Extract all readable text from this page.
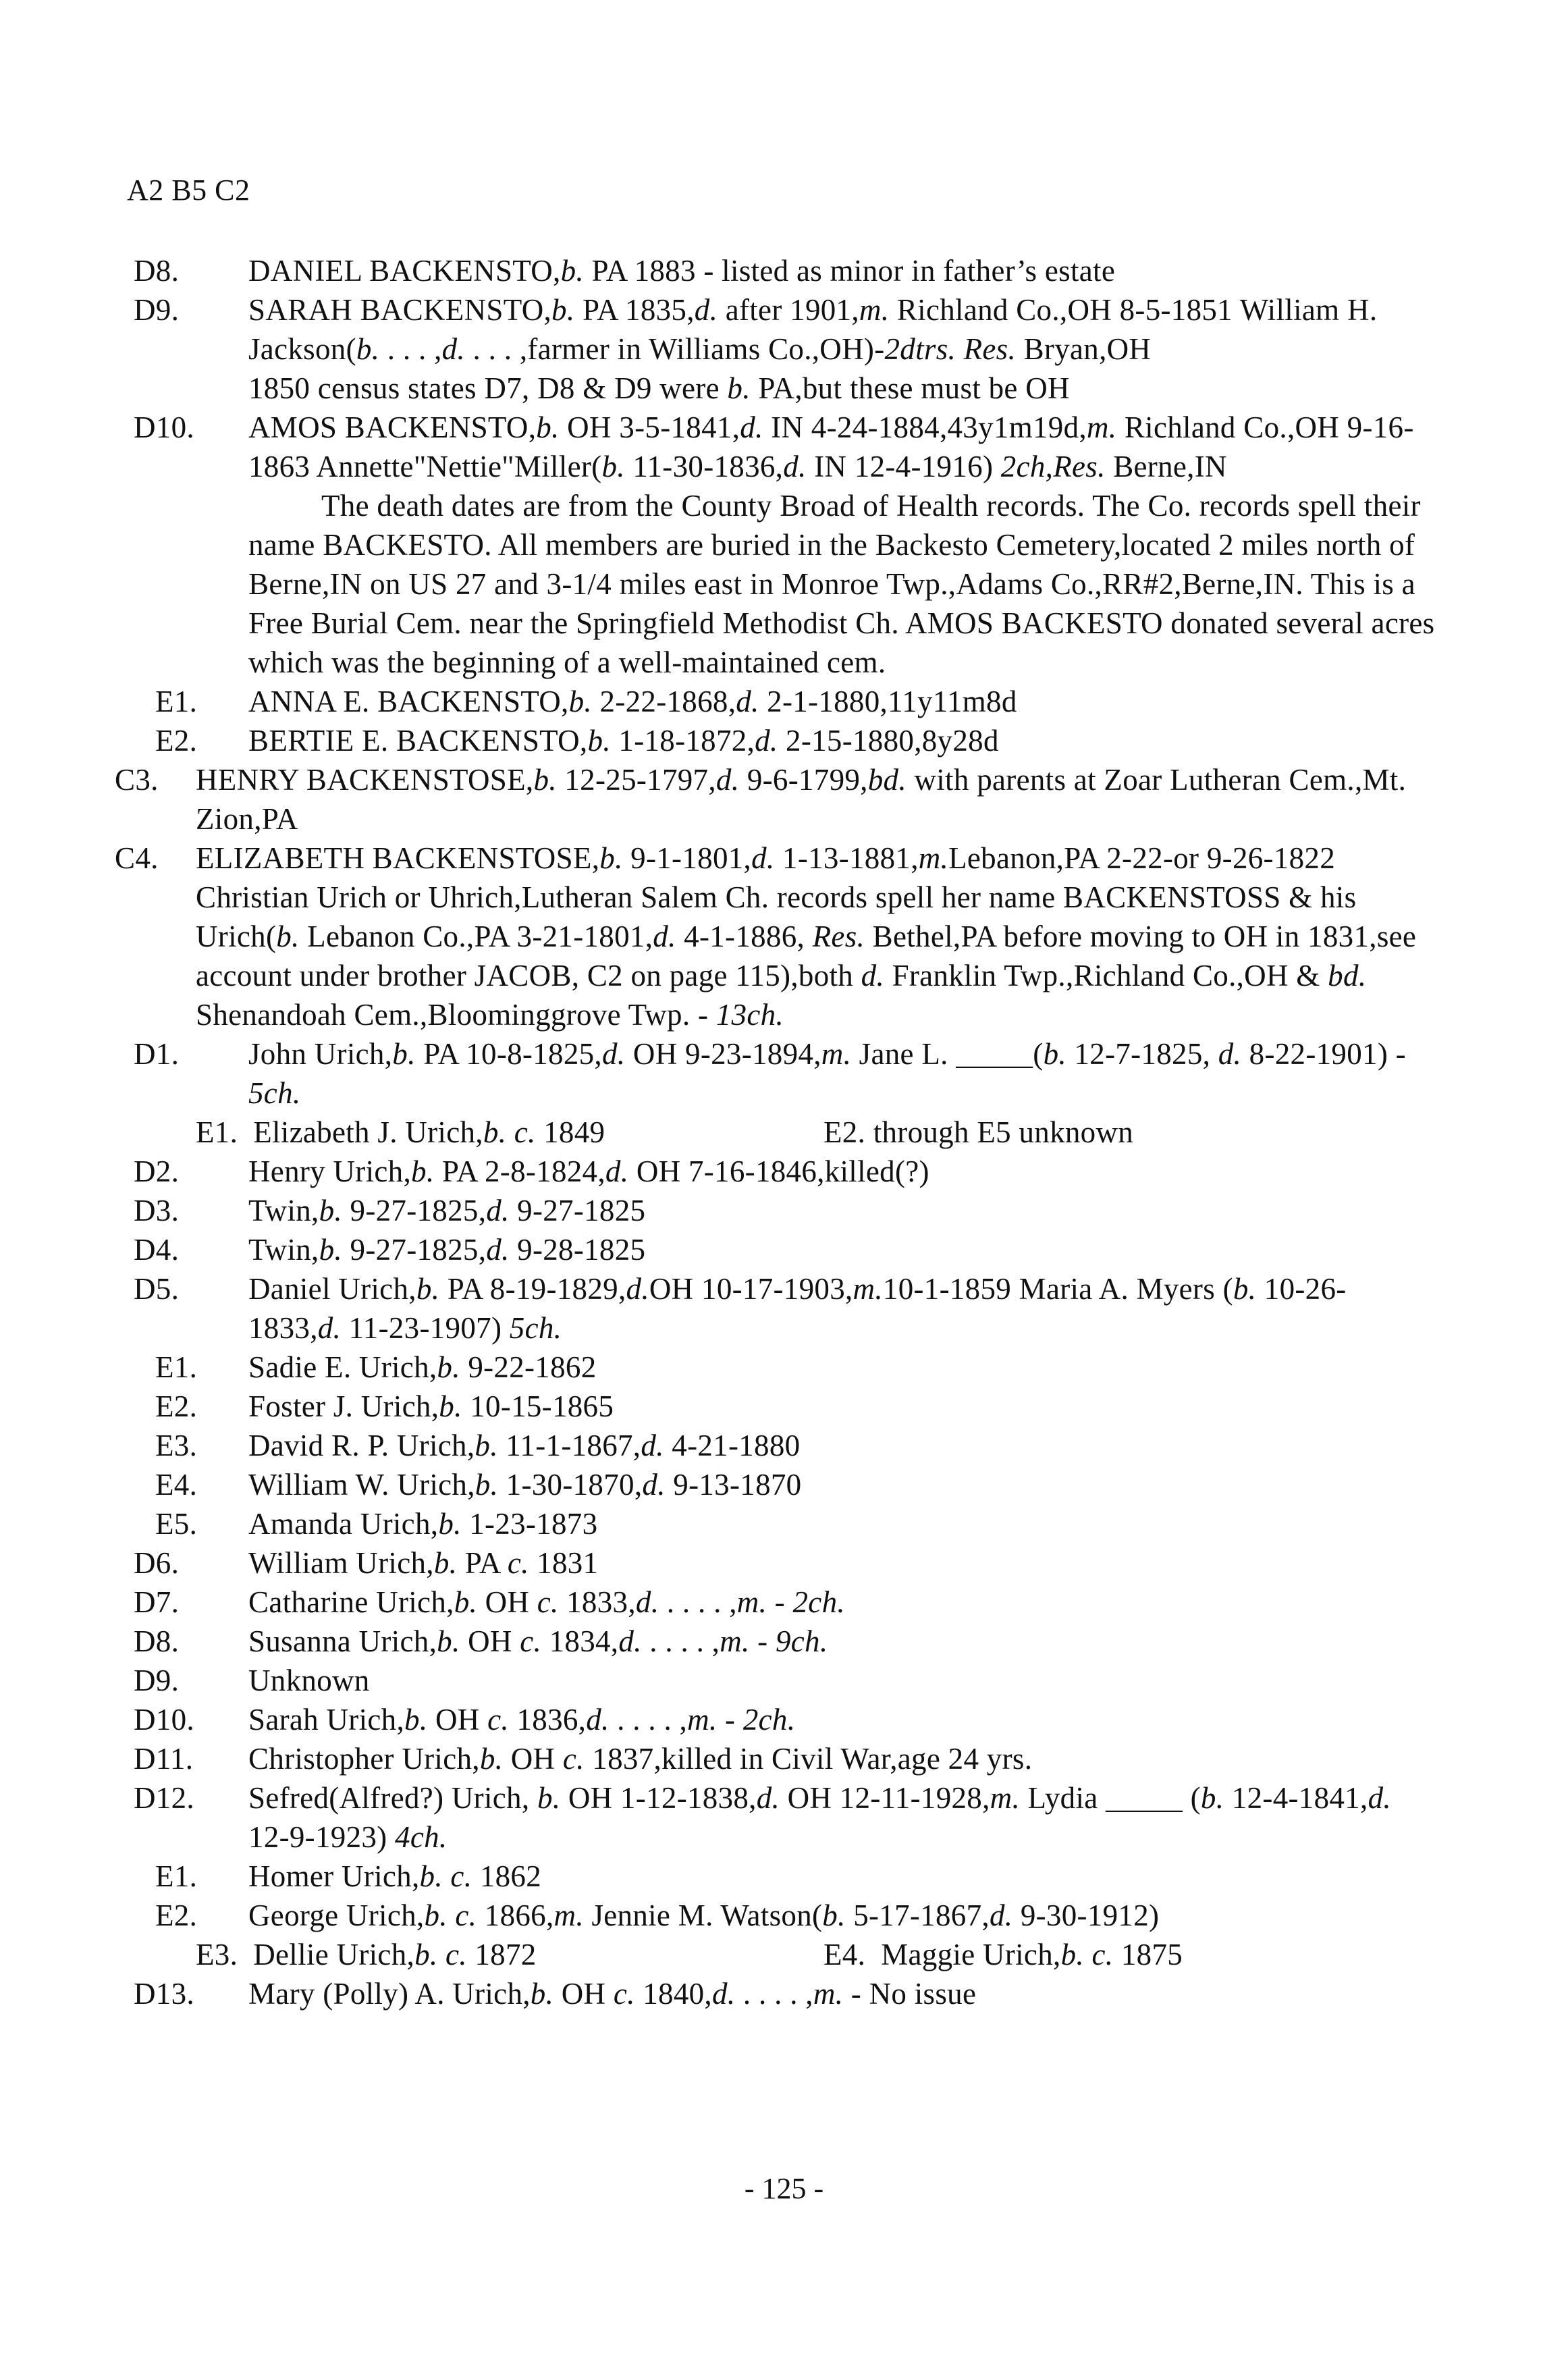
A2 B5 C2
D8. DANIEL BACKENSTO,b. PA 1883 - listed as minor in father’s estate
D9. SARAH BACKENSTO,b. PA 1835,d. after 1901,m. Richland Co.,OH 8-5-1851 William H. Jackson(b. . . . ,d. . . . ,farmer in Williams Co.,OH)-2dtrs. Res. Bryan,OH
1850 census states D7, D8 & D9 were b. PA,but these must be OH
D10. AMOS BACKENSTO,b. OH 3-5-1841,d. IN 4-24-1884,43y1m19d,m. Richland Co.,OH 9-16-1863 Annette"Nettie"Miller(b. 11-30-1836,d. IN 12-4-1916) 2ch,Res. Berne,IN
The death dates are from the County Broad of Health records. The Co. records spell their name BACKESTO. All members are buried in the Backesto Cemetery,located 2 miles north of Berne,IN on US 27 and 3-1/4 miles east in Monroe Twp.,Adams Co.,RR#2,Berne,IN. This is a Free Burial Cem. near the Springfield Methodist Ch. AMOS BACKESTO donated several acres which was the beginning of a well-maintained cem.
E1. ANNA E. BACKENSTO,b. 2-22-1868,d. 2-1-1880,11y11m8d
E2. BERTIE E. BACKENSTO,b. 1-18-1872,d. 2-15-1880,8y28d
C3. HENRY BACKENSTOSE,b. 12-25-1797,d. 9-6-1799,bd. with parents at Zoar Lutheran Cem.,Mt. Zion,PA
C4. ELIZABETH BACKENSTOSE,b. 9-1-1801,d. 1-13-1881,m.Lebanon,PA 2-22-or 9-26-1822 Christian Urich or Uhrich,Lutheran Salem Ch. records spell her name BACKENSTOSS & his Urich(b. Lebanon Co.,PA 3-21-1801,d. 4-1-1886, Res. Bethel,PA before moving to OH in 1831,see account under brother JACOB, C2 on page 115),both d. Franklin Twp.,Richland Co.,OH & bd. Shenandoah Cem.,Bloominggrove Twp. - 13ch.
D1. John Urich,b. PA 10-8-1825,d. OH 9-23-1894,m. Jane L. _____(b. 12-7-1825, d. 8-22-1901) - 5ch.
E1.  Elizabeth J. Urich,b. c. 1849	E2. through E5 unknown
D2. Henry Urich,b. PA 2-8-1824,d. OH 7-16-1846,killed(?)
D3. Twin,b. 9-27-1825,d. 9-27-1825
D4. Twin,b. 9-27-1825,d. 9-28-1825
D5. Daniel Urich,b. PA 8-19-1829,d.OH 10-17-1903,m.10-1-1859 Maria A. Myers (b. 10-26-1833,d. 11-23-1907) 5ch.
E1. Sadie E. Urich,b. 9-22-1862
E2. Foster J. Urich,b. 10-15-1865
E3. David R. P. Urich,b. 11-1-1867,d. 4-21-1880
E4. William W. Urich,b. 1-30-1870,d. 9-13-1870
E5. Amanda Urich,b. 1-23-1873
D6. William Urich,b. PA c. 1831
D7. Catharine Urich,b. OH c. 1833,d. . . . . ,m. - 2ch.
D8. Susanna Urich,b. OH c. 1834,d. . . . . ,m. - 9ch.
D9. Unknown
D10. Sarah Urich,b. OH c. 1836,d. . . . . ,m. - 2ch.
D11. Christopher Urich,b. OH c. 1837,killed in Civil War,age 24 yrs.
D12. Sefred(Alfred?) Urich, b. OH 1-12-1838,d. OH 12-11-1928,m. Lydia _____ (b. 12-4-1841,d. 12-9-1923) 4ch.
E1. Homer Urich,b. c. 1862
E2. George Urich,b. c. 1866,m. Jennie M. Watson(b. 5-17-1867,d. 9-30-1912)
E3.  Dellie Urich,b. c. 1872	E4.  Maggie Urich,b. c. 1875
D13. Mary (Polly) A. Urich,b. OH c. 1840,d. . . . . ,m. - No issue
- 125 -
